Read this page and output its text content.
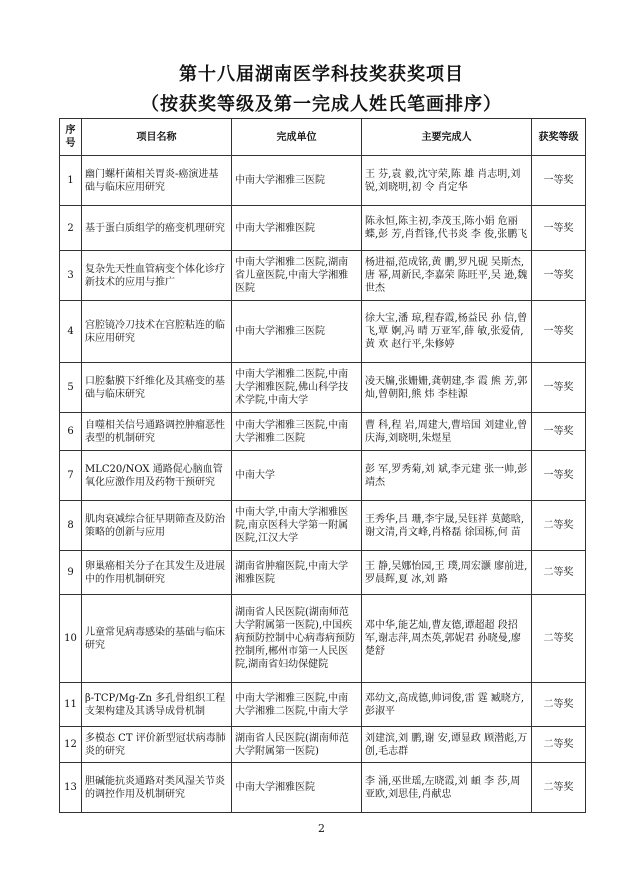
第十八届湖南医学科技奖获奖项目
（按获奖等级及第一完成人姓氏笔画排序）
序号	项目名称	完成单位	主要完成人	获奖等级
1	幽门螺杆菌相关胃炎-癌演进基础与临床应用研究	中南大学湘雅三医院	王 芬,袁 毅,沈守荣,陈 雄 肖志明,刘 锐,刘晓明,初 令 肖定华	一等奖
2	基于蛋白质组学的癌变机理研究	中南大学湘雅医院	陈永恒,陈主初,李茂玉,陈小娟 危丽蝶,彭 芳,肖哲锋,代书炎 李 俊,张鹏飞	一等奖
3	复杂先天性血管病变个体化诊疗新技术的应用与推广	中南大学湘雅二医院,湖南省儿童医院,中南大学湘雅医院	杨进福,范成铭,黄 鹏,罗凡砚 吴斯杰,唐 幂,周新民,李嘉荣 陈旺平,吴 逊,魏世杰	一等奖
4	宫腔镜冷刀技术在宫腔粘连的临床应用研究	中南大学湘雅三医院	徐大宝,潘 琼,程春霞,杨益民 孙 信,曾 飞,覃 婀,冯 晴 万亚军,薛 敏,张爱倩,黄 欢 赵行平,朱修婷	一等奖
5	口腔黏膜下纤维化及其癌变的基础与临床研究	中南大学湘雅二医院,中南大学湘雅医院,佛山科学技术学院,中南大学	凌天牖,张姗姗,龚朝建,李 霞 熊 芳,郭 灿,曾朝阳,熊 炜 李桂源	一等奖
6	自噬相关信号通路调控肿瘤恶性表型的机制研究	中南大学湘雅三医院,中南大学湘雅二医院	曹 科,程 岩,周建大,曹培国 刘建业,曾庆海,刘晓明,朱煜星	一等奖
7	MLC20/NOX 通路促心脑血管氧化应激作用及药物干预研究	中南大学	彭 军,罗秀菊,刘 斌,李元建 张一帅,彭靖杰	一等奖
8	肌肉衰减综合征早期筛查及防治策略的创新与应用	中南大学,中南大学湘雅医院,南京医科大学第一附属医院,江汉大学	王秀华,吕 珊,李宇晟,吴钰祥 莫懿晗,谢文清,肖文峰,肖格磊 徐国栋,何 苗	二等奖
9	卵巢癌相关分子在其发生及进展中的作用机制研究	湖南省肿瘤医院,中南大学湘雅医院	王 静,吴娜怡园,王 璞,周宏灏 廖前进,罗晨辉,夏 冰,刘 路	二等奖
10	儿童常见病毒感染的基础与临床研究	湖南省人民医院(湖南师范大学附属第一医院),中国疾病预防控制中心病毒病预防控制所,郴州市第一人民医院,湖南省妇幼保健院	邓中华,能艺灿,曹友德,谭超超 段招军,谢志萍,周杰英,郭妮君 孙晓曼,廖楚舒	二等奖
11	β-TCP/Mg-Zn 多孔骨组织工程支架构建及其诱导成骨机制	中南大学湘雅三医院,中南大学湘雅二医院,中南大学	邓幼文,高成德,帅词俊,雷 霆 臧晓方,彭淑平	二等奖
12	多模态 CT 评价新型冠状病毒肺炎的研究	湖南省人民医院(湖南师范大学附属第一医院)	刘建滨,刘 鹏,谢 安,谭显政 顾潜彪,万 创,毛志群	二等奖
13	胆碱能抗炎通路对类风湿关节炎的调控作用及机制研究	中南大学湘雅医院	李 涌,巫世瑶,左晓霞,刘 頔 李 莎,周亚欧,刘思佳,肖献忠	二等奖
2
